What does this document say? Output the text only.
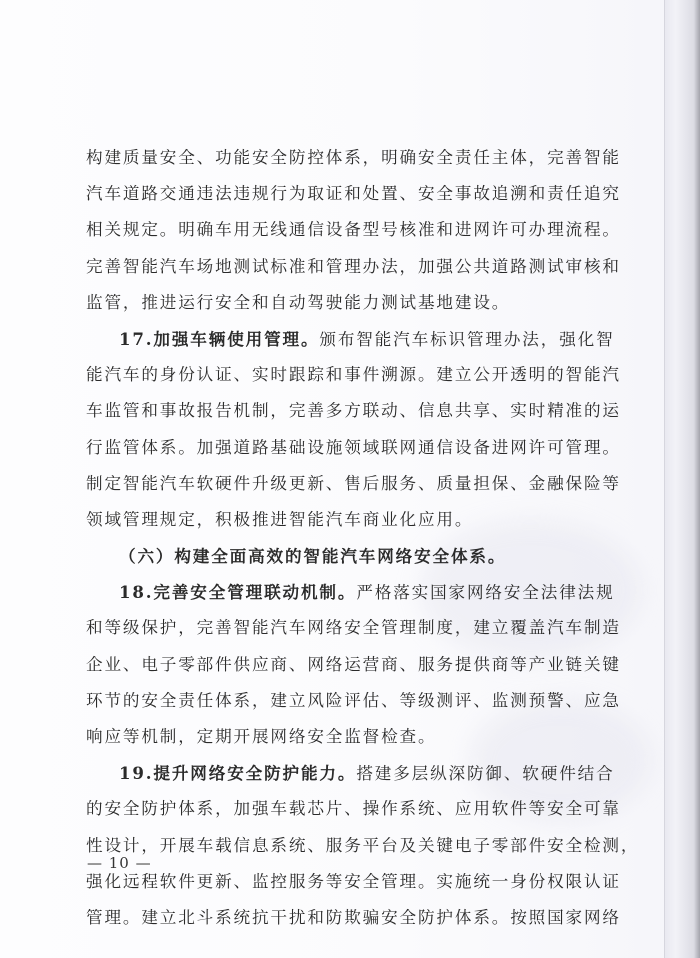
构建质量安全、功能安全防控体系，明确安全责任主体，完善智能
汽车道路交通违法违规行为取证和处置、安全事故追溯和责任追究
相关规定。明确车用无线通信设备型号核准和进网许可办理流程。
完善智能汽车场地测试标准和管理办法，加强公共道路测试审核和
监管，推进运行安全和自动驾驶能力测试基地建设。
17.加强车辆使用管理。颁布智能汽车标识管理办法，强化智
能汽车的身份认证、实时跟踪和事件溯源。建立公开透明的智能汽
车监管和事故报告机制，完善多方联动、信息共享、实时精准的运
行监管体系。加强道路基础设施领域联网通信设备进网许可管理。
制定智能汽车软硬件升级更新、售后服务、质量担保、金融保险等
领域管理规定，积极推进智能汽车商业化应用。
（六）构建全面高效的智能汽车网络安全体系。
18.完善安全管理联动机制。严格落实国家网络安全法律法规
和等级保护，完善智能汽车网络安全管理制度，建立覆盖汽车制造
企业、电子零部件供应商、网络运营商、服务提供商等产业链关键
环节的安全责任体系，建立风险评估、等级测评、监测预警、应急
响应等机制，定期开展网络安全监督检查。
19.提升网络安全防护能力。搭建多层纵深防御、软硬件结合
的安全防护体系，加强车载芯片、操作系统、应用软件等安全可靠
性设计，开展车载信息系统、服务平台及关键电子零部件安全检测，
强化远程软件更新、监控服务等安全管理。实施统一身份权限认证
管理。建立北斗系统抗干扰和防欺骗安全防护体系。按照国家网络
— 10 —
